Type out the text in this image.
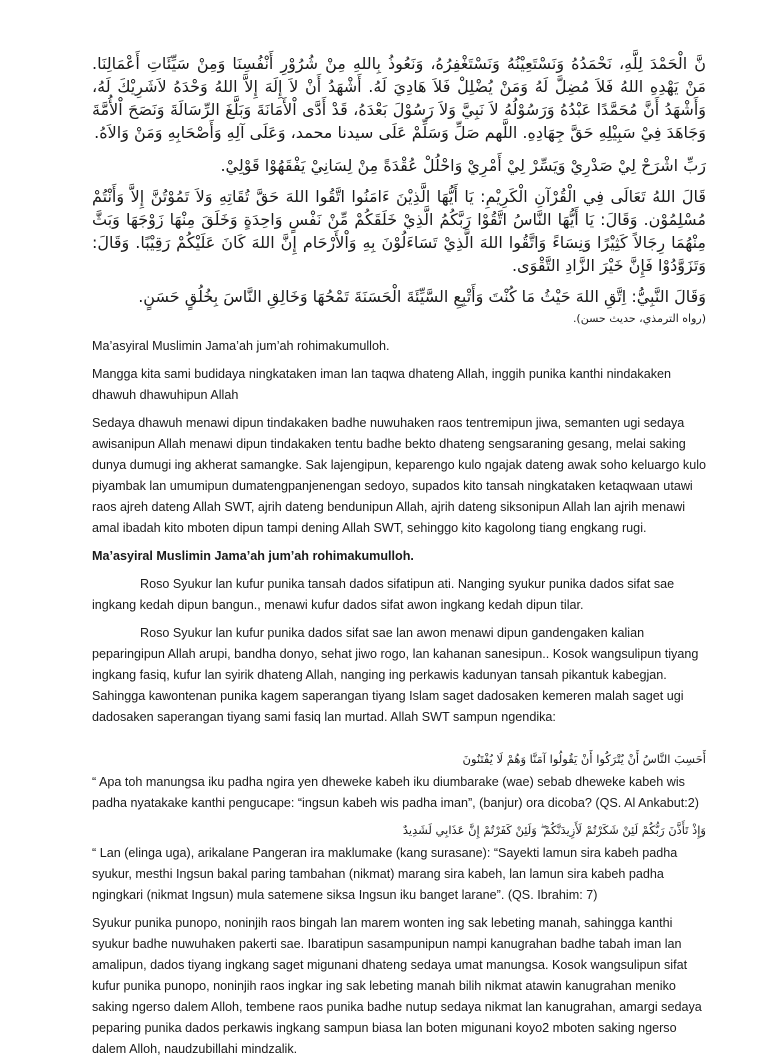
نَّ الْحَمْدَ لِلَّهِ، نَحْمَدُهُ وَنَسْتَعِيْنُهُ وَنَسْتَغْفِرُهُ، وَنَعُوذُ بِاللهِ مِنْ شُرُوْرِ أَنْفُسِنَا وَمِنْ سَيِّئَاتِ أَعْمَالِنَا. مَنْ يَهْدِهِ اللهُ فَلاَ مُضِلَّ لَهُ وَمَنْ يُضْلِلْ فَلاَ هَادِيَ لَهُ. أَشْهَدُ أَنْ لاَ إِلَهَ إِلاَّ اللهُ وَحْدَهُ لاَشَرِيْكَ لَهُ، وَأَشْهَدُ أَنَّ مُحَمَّدًا عَبْدُهُ وَرَسُوْلُهُ لاَ نَبِيَّ وَلاَ رَسُوْلَ بَعْدَهُ، قَدْ أَدَّى اْلأَمَانَةَ وَبَلَّغَ الرِّسَالَةَ وَنَصَحَ اْلأُمَّةَ وَجَاهَدَ فِيْ سَبِيْلِهِ حَقَّ جِهَادِهِ. اللَّهم صَلِّ وَسَلِّمْ عَلَى سيدنا محمد، وَعَلَى آلِهِ وَأَصْحَابِهِ وَمَنْ وَالاَهُ.

رَبِّ اشْرَحْ لِيْ صَدْرِيْ وَيَسِّرْ لِيْ أَمْرِيْ وَاحْلُلْ عُقْدَةً مِنْ لِسَانِيْ يَفْقَهُوْا قَوْلِيْ.

قَالَ اللهُ تَعَالَى فِي الْقُرْآنِ الْكَرِيْمِ: يَا أَيُّهَا الَّذِيْنَ ءَامَنُوا اتَّقُوا اللهَ حَقَّ تُقَاتِهِ وَلاَ تَمُوْتُنَّ إِلاَّ وَأَنْتُمْ مُسْلِمُوْن. وَقَالَ: يَا أَيُّهَا النَّاسُ اتَّقُوْا رَبَّكُمُ الَّذِيْ خَلَقَكُمْ مِّنْ نَفْسٍ وَاحِدَةٍ وَخَلَقَ مِنْهَا زَوْجَهَا وَبَثَّ مِنْهُمَا رِجَالاً كَثِيْرًا وَنِسَاءً وَاتَّقُوا اللهَ الَّذِيْ تَسَاءَلُوْنَ بِهِ وَاْلأَرْحَام إِنَّ اللهَ كَانَ عَلَيْكُمْ رَقِيْبًا. وَقَالَ: وَتَزَوَّدُوْا فَإِنَّ خَيْرَ الزَّادِ التَّقْوَى.

وَقَالَ النَّبِيُّ: اِتَّقِ اللهَ حَيْثُ مَا كُنْتَ وَأَتْبِعِ السَّيِّئَةَ الْحَسَنَةَ تَمْحُهَا وَخَالِقِ النَّاسَ بِخُلُقٍ حَسَنٍ.

(رواه الترمذي، حديث حسن).

Ma’asyiral Muslimin Jama’ah jum’ah rohimakumulloh.

Mangga kita sami budidaya ningkataken iman lan taqwa dhateng Allah, inggih punika kanthi nindakaken dhawuh dhawuhipun Allah

Sedaya dhawuh menawi dipun tindakaken badhe nuwuhaken raos tentremipun jiwa, semanten ugi sedaya awisanipun Allah menawi dipun tindakaken tentu badhe bekto dhateng sengsaraning gesang, melai saking dunya dumugi ing akherat samangke. Sak lajengipun, keparengo kulo ngajak dateng awak soho keluargo kulo piyambak lan umumipun dumatengpanjenengan sedoyo, supados kito tansah ningkataken ketaqwaan utawi raos ajreh dateng Allah SWT, ajrih dateng bendunipun Allah, ajrih dateng siksonipun Allah lan ajrih menawi amal ibadah kito mboten dipun tampi dening Allah SWT, sehinggo kito kagolong tiang engkang rugi.

Ma’asyiral Muslimin Jama’ah jum’ah rohimakumulloh.

Roso Syukur lan kufur punika tansah dados sifatipun ati. Nanging syukur punika dados sifat sae ingkang kedah dipun bangun., menawi kufur dados sifat awon ingkang kedah dipun tilar.

Roso Syukur lan kufur punika dados sifat sae lan awon menawi dipun gandengaken kalian peparingipun Allah arupi, bandha donyo, sehat jiwo rogo, lan kahanan sanesipun.. Kosok wangsulipun tiyang ingkang fasiq, kufur lan syirik dhateng Allah, nanging ing perkawis kadunyan tansah pikantuk kabegjan. Sahingga kawontenan punika kagem saperangan tiyang Islam saget dadosaken kemeren malah saget ugi dadosaken saperangan tiyang sami fasiq lan murtad. Allah SWT sampun ngendika:

أَحَسِبَ النَّاسُ أَنْ يُتْرَكُوا أَنْ يَقُولُوا آمَنَّا وَهُمْ لَا يُفْتَنُونَ

“ Apa toh manungsa iku padha ngira yen dheweke kabeh iku diumbarake (wae) sebab dheweke kabeh wis padha nyatakake kanthi pengucape: “ingsun kabeh wis padha iman”, (banjur) ora dicoba? (QS. Al Ankabut:2)

وَإِذْ تَأَذَّنَ رَبُّكُمْ لَئِنْ شَكَرْتُمْ لَأَزِيدَنَّكُمْ ۖ وَلَئِنْ كَفَرْتُمْ إِنَّ عَذَابِي لَشَدِيدٌ

“ Lan (elinga uga), arikalane Pangeran ira maklumake (kang surasane): “Sayekti lamun sira kabeh padha syukur, mesthi Ingsun bakal paring tambahan (nikmat) marang sira kabeh, lan lamun sira kabeh padha ngingkari (nikmat Ingsun) mula satemene siksa Ingsun iku banget larane”. (QS. Ibrahim: 7)

Syukur punika punopo, noninjih raos bingah lan marem wonten ing sak lebeting manah, sahingga kanthi syukur badhe nuwuhaken pakerti sae. Ibaratipun sasampunipun nampi kanugrahan badhe tabah iman lan amalipun, dados tiyang ingkang saget migunani dhateng sedaya umat manungsa. Kosok wangsulipun sifat kufur punika punopo, noninjih raos ingkar ing sak lebeting manah bilih nikmat atawin kanugrahan meniko saking ngerso dalem Alloh, tembene raos punika badhe nutup sedaya nikmat lan kanugrahan, amargi sedaya peparing punika dados perkawis ingkang sampun biasa lan boten migunani koyo2 mboten saking ngerso dalem Alloh, naudzubillahi mindzalik.
